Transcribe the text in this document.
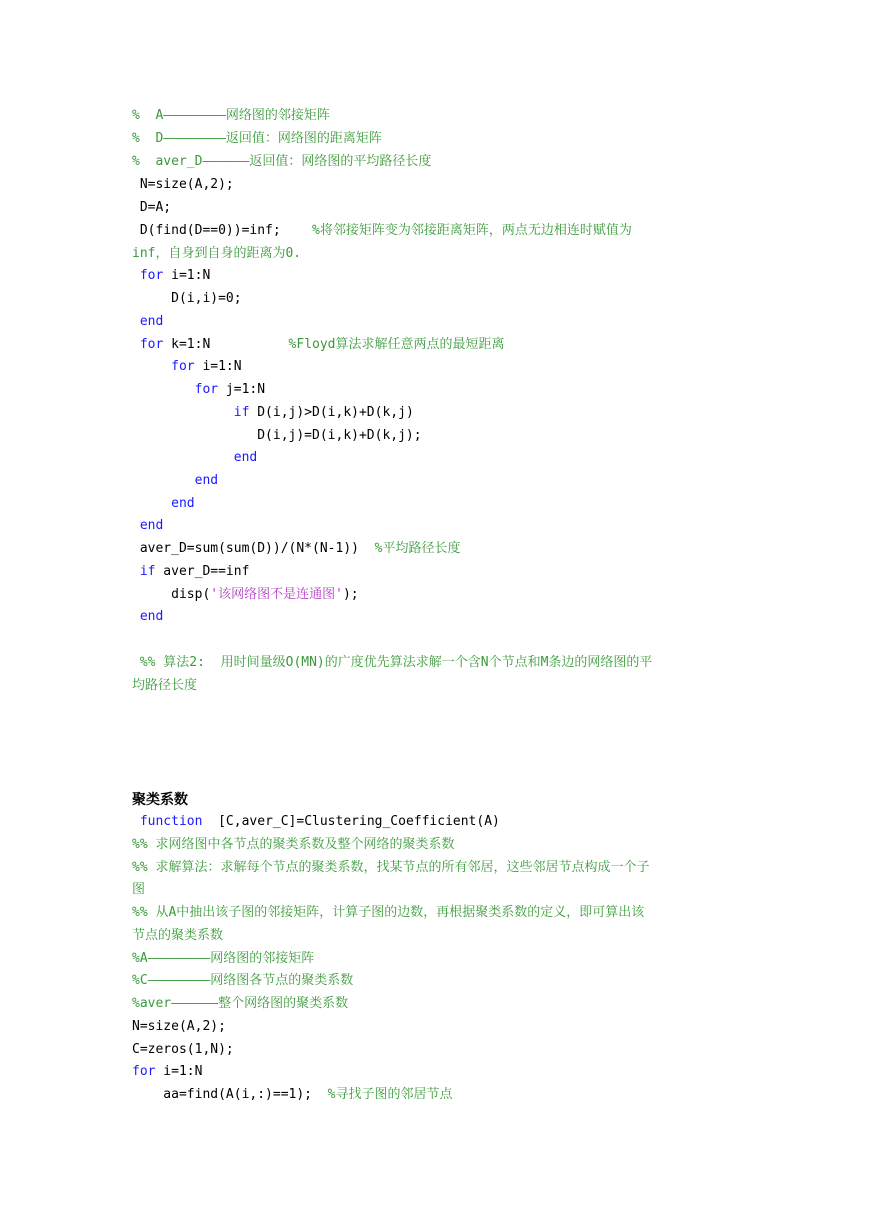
%  A————————网络图的邻接矩阵
%  D————————返回值：网络图的距离矩阵
%  aver_D——————返回值：网络图的平均路径长度
N=size(A,2);
D=A;
D(find(D==0))=inf;    %将邻接矩阵变为邻接距离矩阵，两点无边相连时赋值为
inf，自身到自身的距离为0.
for i=1:N
D(i,i)=0;
end
for k=1:N          %Floyd算法求解任意两点的最短距离
for i=1:N
for j=1:N
if D(i,j)>D(i,k)+D(k,j)
D(i,j)=D(i,k)+D(k,j);
end
end
end
end
aver_D=sum(sum(D))/(N*(N-1))  %平均路径长度
if aver_D==inf
disp('该网络图不是连通图');
end
%% 算法2:  用时间量级O(MN)的广度优先算法求解一个含N个节点和M条边的网络图的平
均路径长度
聚类系数
function  [C,aver_C]=Clustering_Coefficient(A)
%% 求网络图中各节点的聚类系数及整个网络的聚类系数
%% 求解算法：求解每个节点的聚类系数，找某节点的所有邻居，这些邻居节点构成一个子
图
%% 从A中抽出该子图的邻接矩阵，计算子图的边数，再根据聚类系数的定义，即可算出该
节点的聚类系数
%A————————网络图的邻接矩阵
%C————————网络图各节点的聚类系数
%aver——————整个网络图的聚类系数
N=size(A,2);
C=zeros(1,N);
for i=1:N
aa=find(A(i,:)==1);  %寻找子图的邻居节点
